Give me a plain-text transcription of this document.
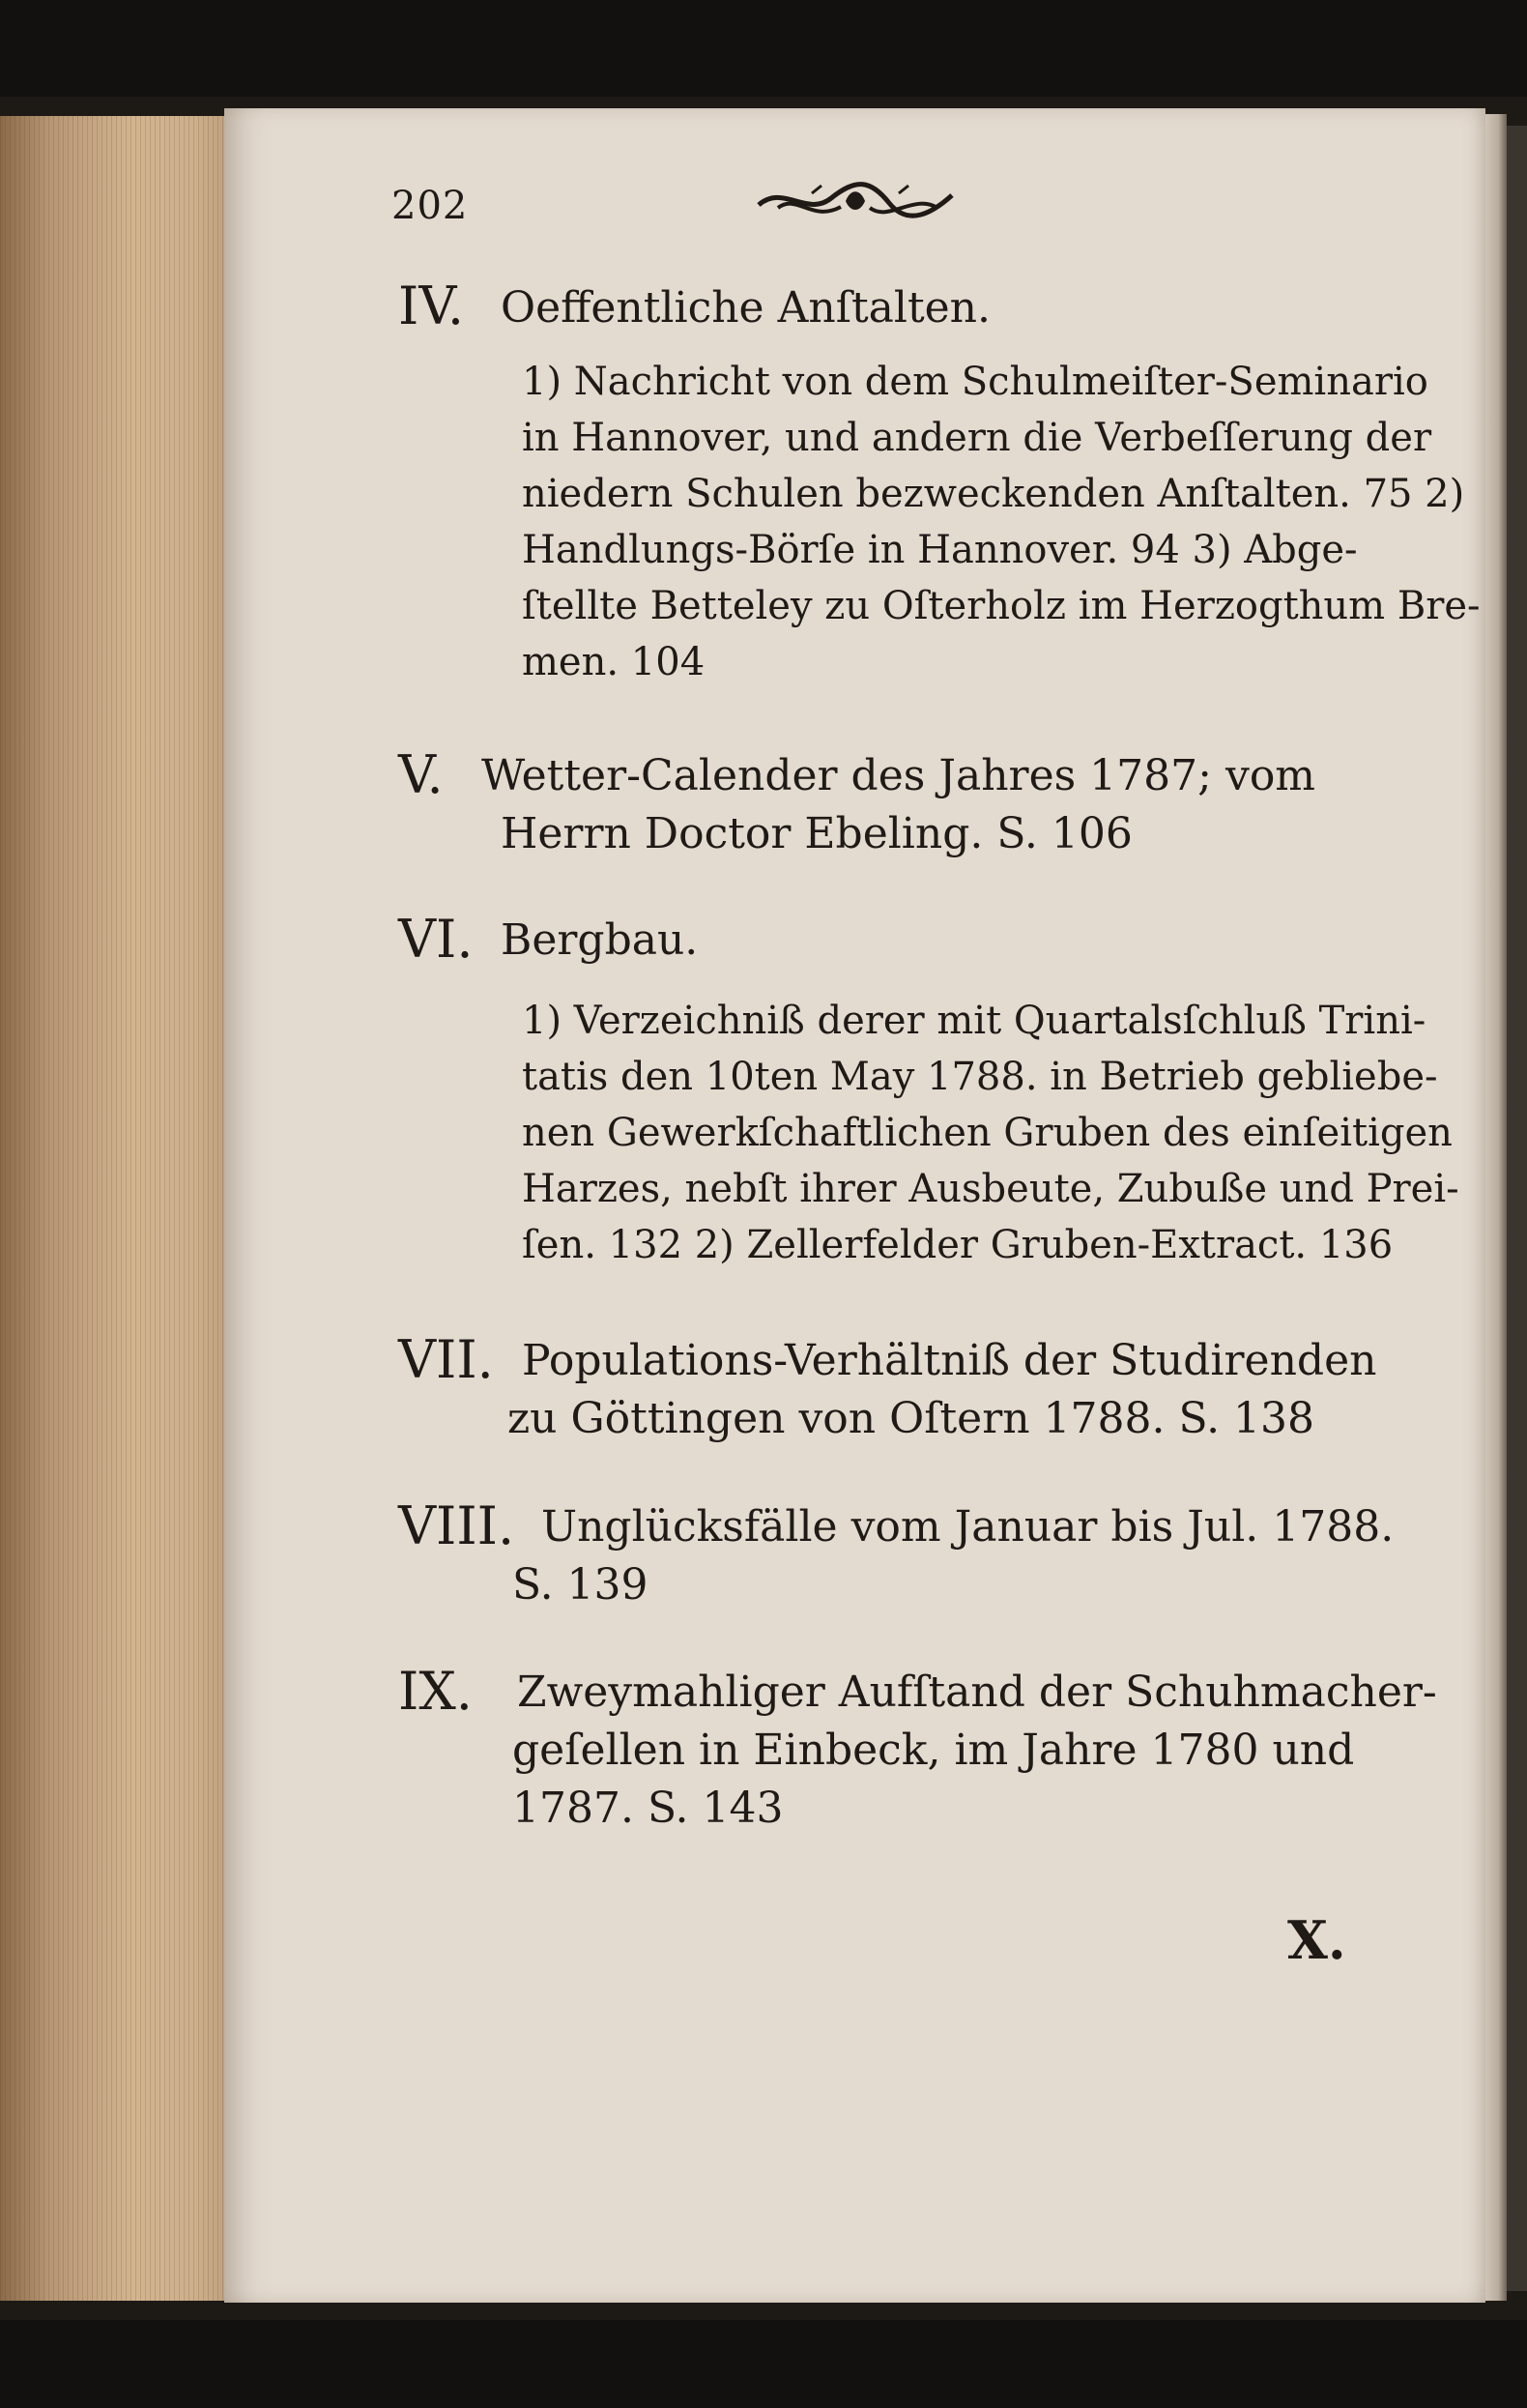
202
IV. Oeffentliche Anſtalten.
1) Nachricht von dem Schulmeiſter-Seminario
in Hannover, und andern die Verbeſſerung der
niedern Schulen bezweckenden Anſtalten. 75 2)
Handlungs-Börſe in Hannover. 94 3) Abge-
ſtellte Betteley zu Oſterholz im Herzogthum Bre-
men. 104
V. Wetter-Calender des Jahres 1787; vom
Herrn Doctor Ebeling. S. 106
VI. Bergbau.
1) Verzeichniß derer mit Quartalsſchluß Trini-
tatis den 10ten May 1788. in Betrieb gebliebe-
nen Gewerkſchaftlichen Gruben des einſeitigen
Harzes, nebſt ihrer Ausbeute, Zubuße und Prei-
ſen. 132 2) Zellerfelder Gruben-Extract. 136
VII. Populations-Verhältniß der Studirenden
zu Göttingen von Oſtern 1788. S. 138
VIII. Unglücksfälle vom Januar bis Jul. 1788.
S. 139
IX. Zweymahliger Aufſtand der Schuhmacher-
geſellen in Einbeck, im Jahre 1780 und
1787. S. 143
X.
